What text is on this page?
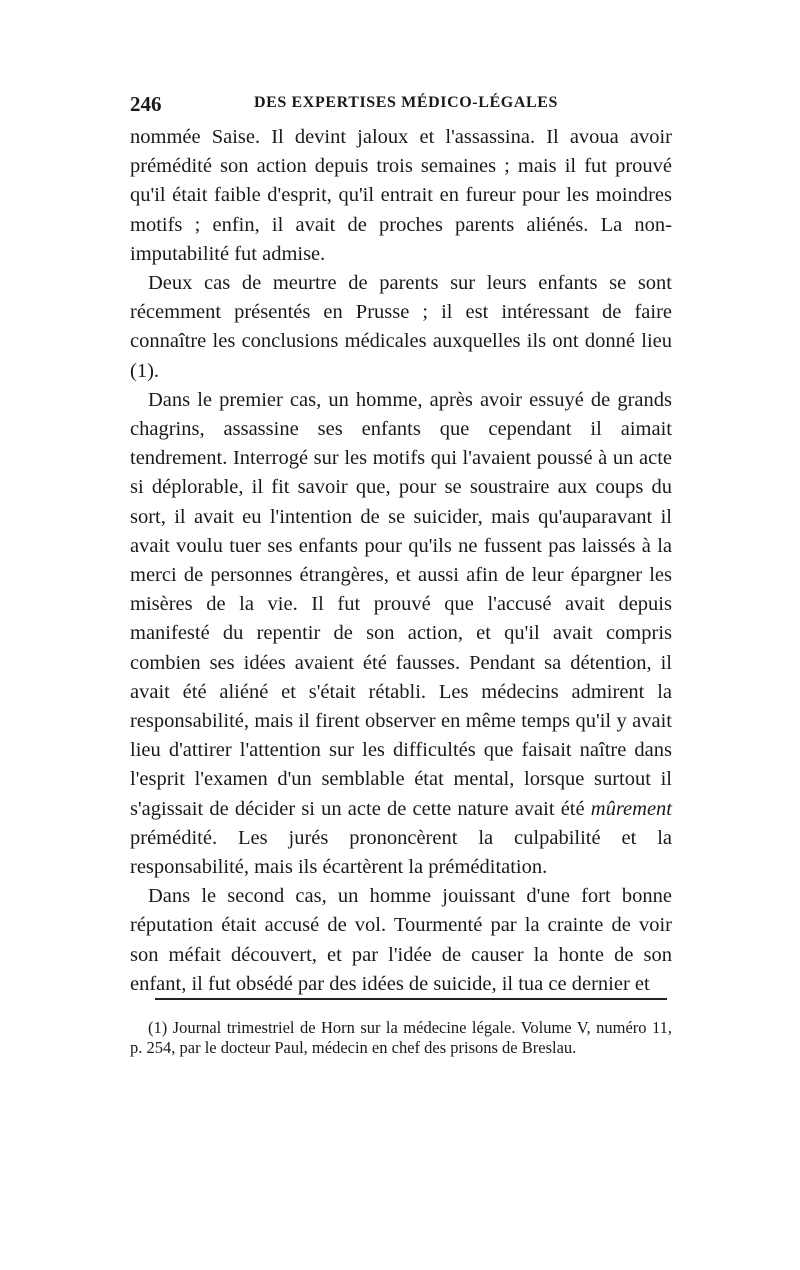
246	DES EXPERTISES MÉDICO-LÉGALES

nommée Saise. Il devint jaloux et l'assassina. Il avoua avoir prémédité son action depuis trois semaines ; mais il fut prouvé qu'il était faible d'esprit, qu'il entrait en fureur pour les moindres motifs ; enfin, il avait de proches parents aliénés. La non-imputabilité fut admise.

Deux cas de meurtre de parents sur leurs enfants se sont récemment présentés en Prusse ; il est intéressant de faire connaître les conclusions médicales auxquelles ils ont donné lieu (1).

Dans le premier cas, un homme, après avoir essuyé de grands chagrins, assassine ses enfants que cependant il aimait tendrement. Interrogé sur les motifs qui l'avaient poussé à un acte si déplorable, il fit savoir que, pour se soustraire aux coups du sort, il avait eu l'intention de se suicider, mais qu'auparavant il avait voulu tuer ses enfants pour qu'ils ne fussent pas laissés à la merci de personnes étrangères, et aussi afin de leur épargner les misères de la vie. Il fut prouvé que l'accusé avait depuis manifesté du repentir de son action, et qu'il avait compris combien ses idées avaient été fausses. Pendant sa détention, il avait été aliéné et s'était rétabli. Les médecins admirent la responsabilité, mais il firent observer en même temps qu'il y avait lieu d'attirer l'attention sur les difficultés que faisait naître dans l'esprit l'examen d'un semblable état mental, lorsque surtout il s'agissait de décider si un acte de cette nature avait été mûrement prémédité. Les jurés prononcèrent la culpabilité et la responsabilité, mais ils écartèrent la préméditation.

Dans le second cas, un homme jouissant d'une fort bonne réputation était accusé de vol. Tourmenté par la crainte de voir son méfait découvert, et par l'idée de causer la honte de son enfant, il fut obsédé par des idées de suicide, il tua ce dernier et

(1) Journal trimestriel de Horn sur la médecine légale. Volume V, numéro 11, p. 254, par le docteur Paul, médecin en chef des prisons de Breslau.
